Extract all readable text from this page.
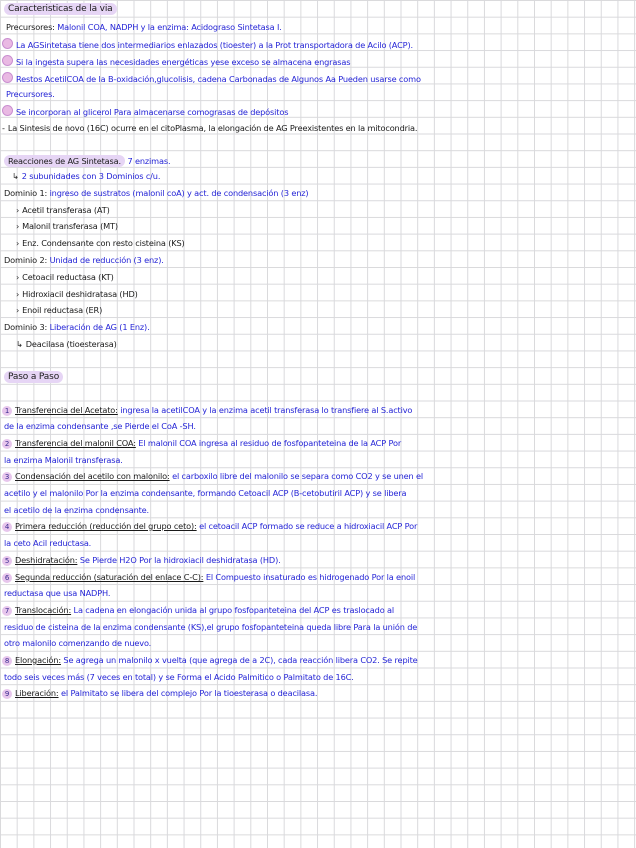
Caracteristicas de la via
Precursores: Malonil COA, NADPH y la enzima: Acidograso Sintetasa I.
La AGSintetasa tiene dos intermediarios enlazados (tioester) a la Prot transportadora de Acilo (ACP).
Si la ingesta supera las necesidades energéticas yese exceso se almacena engrasas
Restos AcetilCOA de la B-oxidación,glucolisis, cadena Carbonadas de Algunos Aa Pueden usarse como
Precursores.
Se incorporan al glicerol Para almacenarse comograsas de depósitos
- La Sintesis de novo (16C) ocurre en el citoPlasma, la elongación de AG Preexistentes en la mitocondria.
Reacciones de AG Sintetasa. 7 enzimas.
↳ 2 subunidades con 3 Dominios c/u.
Dominio 1: ingreso de sustratos (malonil coA) y act. de condensación (3 enz)
› Acetil transferasa (AT)
› Malonil transferasa (MT)
› Enz. Condensante con resto cisteina (KS)
Dominio 2: Unidad de reducción (3 enz).
› Cetoacil reductasa (KT)
› Hidroxiacil deshidratasa (HD)
› Enoil reductasa (ER)
Dominio 3: Liberación de AG (1 Enz).
↳ Deacilasa (tioesterasa)
Paso a Paso
1 Transferencia del Acetato: ingresa la acetilCOA y la enzima acetil transferasa lo transfiere al S.activo
de la enzima condensante ,se Pierde el CoA -SH.
2 Transferencia del malonil COA: El malonil COA ingresa al residuo de fosfopanteteina de la ACP Por
la enzima Malonil transferasa.
3 Condensación del acetilo con malonilo: el carboxilo libre del malonilo se separa como CO2 y se unen el
acetilo y el malonilo Por la enzima condensante, formando Cetoacil ACP (B-cetobutiril ACP) y se libera
el acetilo de la enzima condensante.
4 Primera reducción (reducción del grupo ceto): el cetoacil ACP formado se reduce a hidroxiacil ACP Por
la ceto Acil reductasa.
5 Deshidratación: Se Pierde H2O Por la hidroxiacil deshidratasa (HD).
6 Segunda reducción (saturación del enlace C-C): El Compuesto insaturado es hidrogenado Por la enoil
reductasa que usa NADPH.
7 Translocación: La cadena en elongación unida al grupo fosfopanteteina del ACP es traslocado al
residuo de cisteina de la enzima condensante (KS),el grupo fosfopanteteina queda libre Para la unión de
otro malonilo comenzando de nuevo.
8 Elongación: Se agrega un malonilo x vuelta (que agrega de a 2C), cada reacción libera CO2. Se repite
todo seis veces más (7 veces en total) y se Forma el Acido Palmitico o Palmitato de 16C.
9 Liberación: el Palmitato se libera del complejo Por la tioesterasa o deacilasa.
